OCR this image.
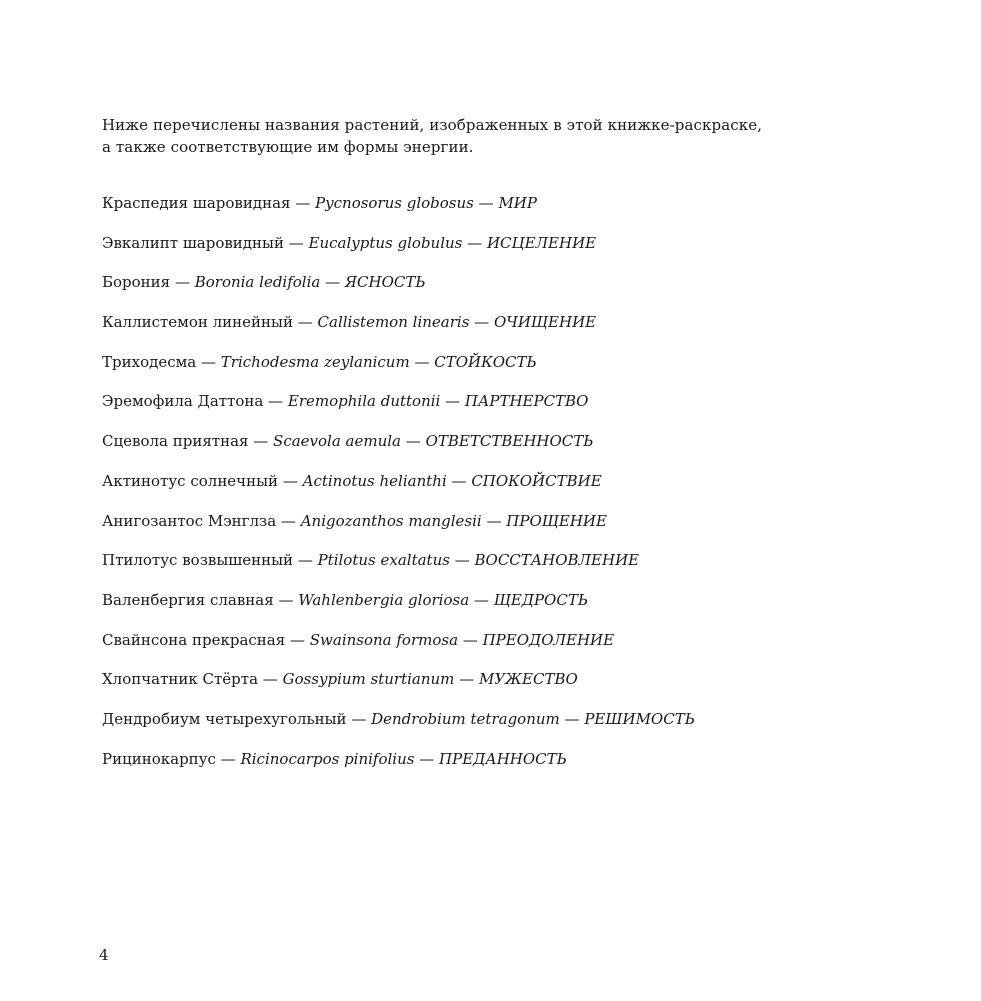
Ниже перечислены названия растений, изображенных в этой книжке-раскраске,

а также соответствующие им формы энергии.

Краспедия шаровидная — Pycnosorus globosus — МИР
Эвкалипт шаровидный — Eucalyptus globulus — ИСЦЕЛЕНИЕ
Борония — Boronia ledifolia — ЯСНОСТЬ
Каллистемон линейный — Callistemon linearis — ОЧИЩЕНИЕ
Триходесма — Trichodesma zeylanicum — СТОЙКОСТЬ
Эремофила Даттона — Eremophila duttonii — ПАРТНЕРСТВО
Сцевола приятная — Scaevola aemula — ОТВЕТСТВЕННОСТЬ
Актинотус солнечный — Actinotus helianthi — СПОКОЙСТВИЕ
Анигозантос Мэнглза — Anigozanthos manglesii — ПРОЩЕНИЕ
Птилотус возвышенный — Ptilotus exaltatus — ВОССТАНОВЛЕНИЕ
Валенбергия славная — Wahlenbergia gloriosa — ЩЕДРОСТЬ
Свайнсона прекрасная — Swainsona formosa — ПРЕОДОЛЕНИЕ
Хлопчатник Стёрта — Gossypium sturtianum — МУЖЕСТВО
Дендробиум четырехугольный — Dendrobium tetragonum — РЕШИМОСТЬ
Рицинокарпус — Ricinocarpos pinifolius — ПРЕДАННОСТЬ
4
